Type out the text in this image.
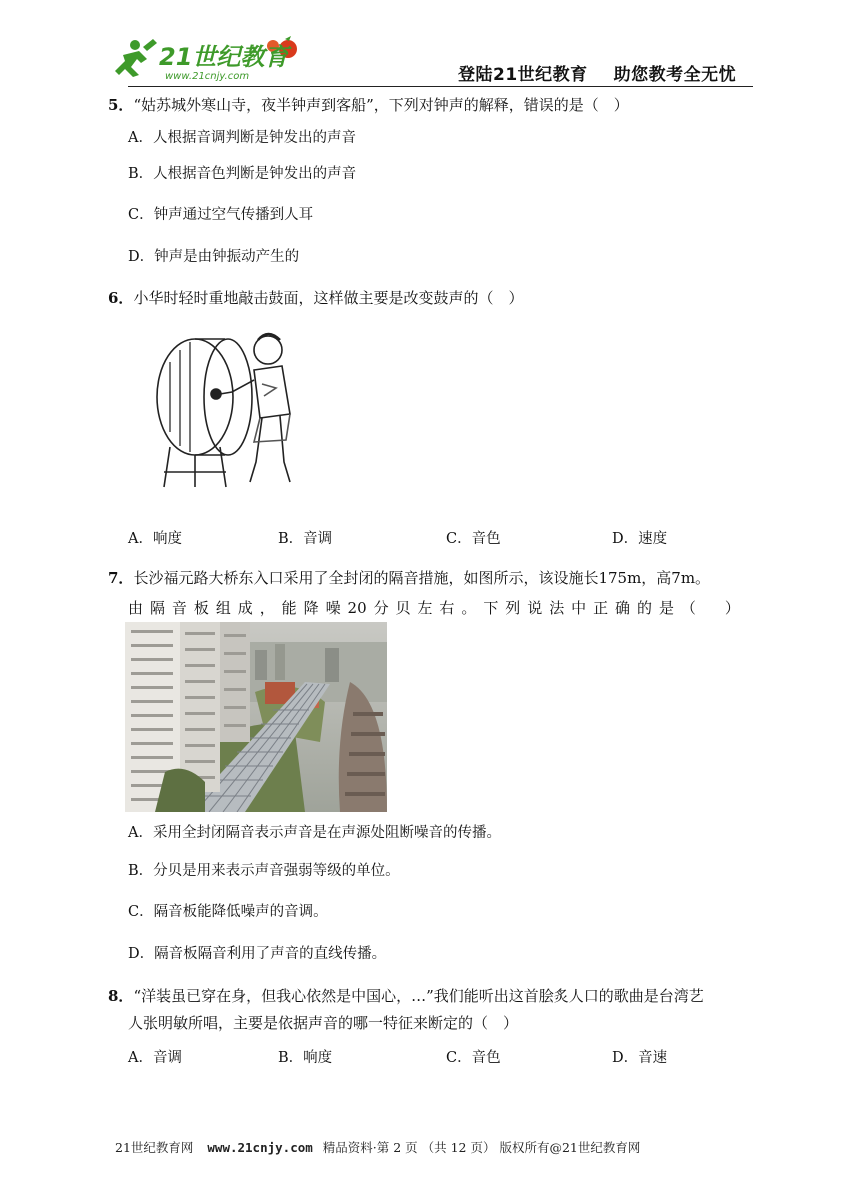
21世纪教育
www.21cnjy.com	登陆21世纪教育 助您教考全无忧
5．“姑苏城外寒山寺，夜半钟声到客船”，下列对钟声的解释，错误的是（　）
A．人根据音调判断是钟发出的声音
B．人根据音色判断是钟发出的声音
C．钟声通过空气传播到人耳
D．钟声是由钟振动产生的
6．小华时轻时重地敲击鼓面，这样做主要是改变鼓声的（　）
A．响度	B．音调	C．音色	D．速度
7．长沙福元路大桥东入口采用了全封闭的隔音措施，如图所示，该设施长175m，高7m。
由 隔 音 板 组 成 ， 能 降 噪 20 分 贝 左 右 。 下 列 说 法 中 正 确 的 是 （
　 ）
A．采用全封闭隔音表示声音是在声源处阻断噪音的传播。
B．分贝是用来表示声音强弱等级的单位。
C．隔音板能降低噪声的音调。
D．隔音板隔音利用了声音的直线传播。
8．“洋装虽已穿在身，但我心依然是中国心，…”我们能听出这首脍炙人口的歌曲是台湾艺
人张明敏所唱，主要是依据声音的哪一特征来断定的（　）
A．音调	B．响度	C．音色	D．音速
21世纪教育网 www.21cnjy.com 精品资料·第 2 页 （共 12 页） 版权所有@21世纪教育网
